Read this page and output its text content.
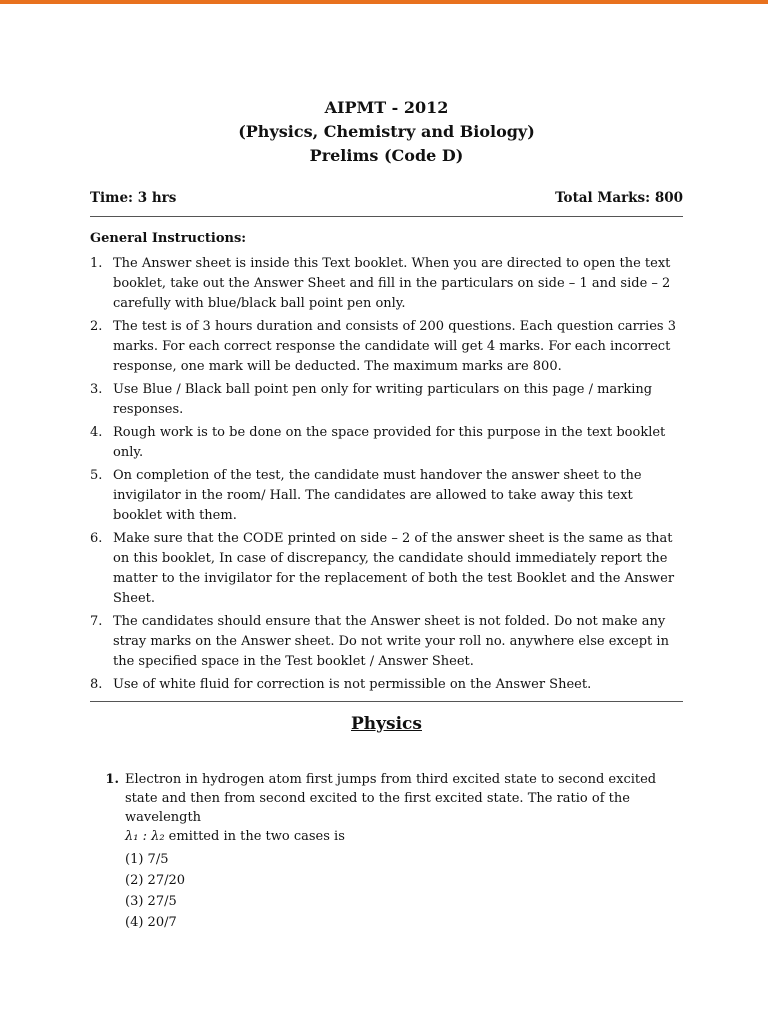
AIPMT - 2012
(Physics, Chemistry and Biology)
Prelims (Code D)
Time: 3 hrs	Total Marks: 800
General Instructions:
1. The Answer sheet is inside this Text booklet. When you are directed to open the text booklet, take out the Answer Sheet and fill in the particulars on side – 1 and side – 2 carefully with blue/black ball point pen only.
2. The test is of 3 hours duration and consists of 200 questions. Each question carries 3 marks. For each correct response the candidate will get 4 marks. For each incorrect response, one mark will be deducted. The maximum marks are 800.
3. Use Blue / Black ball point pen only for writing particulars on this page / marking responses.
4. Rough work is to be done on the space provided for this purpose in the text booklet only.
5. On completion of the test, the candidate must handover the answer sheet to the invigilator in the room/ Hall. The candidates are allowed to take away this text booklet with them.
6. Make sure that the CODE printed on side – 2 of the answer sheet is the same as that on this booklet, In case of discrepancy, the candidate should immediately report the matter to the invigilator for the replacement of both the test Booklet and the Answer Sheet.
7. The candidates should ensure that the Answer sheet is not folded. Do not make any stray marks on the Answer sheet. Do not write your roll no. anywhere else except in the specified space in the Test booklet / Answer Sheet.
8. Use of white fluid for correction is not permissible on the Answer Sheet.
Physics
1. Electron in hydrogen atom first jumps from third excited state to second excited state and then from second excited to the first excited state. The ratio of the wavelength
λ₁ : λ₂ emitted in the two cases is
(1) 7/5
(2) 27/20
(3) 27/5
(4) 20/7
